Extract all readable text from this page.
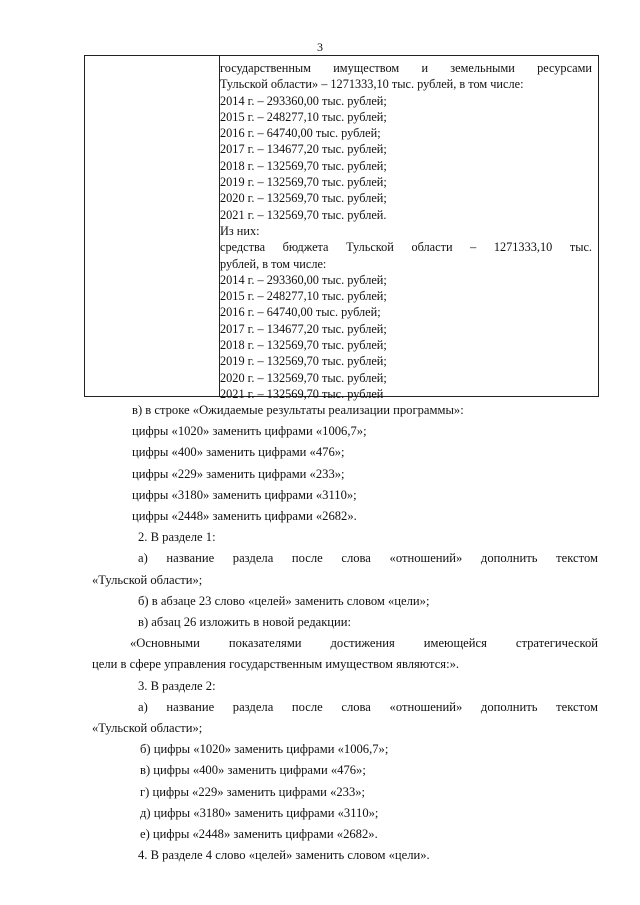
3
государственным имуществом и земельными ресурсами
Тульской области» – 1271333,10 тыс. рублей, в том числе:
2014 г. – 293360,00 тыс. рублей;
2015 г. – 248277,10 тыс. рублей;
2016 г. – 64740,00 тыс. рублей;
2017 г. – 134677,20 тыс. рублей;
2018 г. – 132569,70 тыс. рублей;
2019 г. – 132569,70 тыс. рублей;
2020 г. – 132569,70 тыс. рублей;
2021 г. – 132569,70 тыс. рублей.
Из них:
средства бюджета Тульской области – 1271333,10 тыс.
рублей, в том числе:
2014 г. – 293360,00 тыс. рублей;
2015 г. – 248277,10 тыс. рублей;
2016 г. – 64740,00 тыс. рублей;
2017 г. – 134677,20 тыс. рублей;
2018 г. – 132569,70 тыс. рублей;
2019 г. – 132569,70 тыс. рублей;
2020 г. – 132569,70 тыс. рублей;
2021 г. – 132569,70 тыс. рублей

в) в строке «Ожидаемые результаты реализации программы»:

цифры «1020» заменить цифрами «1006,7»;

цифры «400» заменить цифрами «476»;

цифры «229» заменить цифрами «233»;

цифры «3180» заменить цифрами «3110»;

цифры «2448» заменить цифрами «2682».

2. В разделе 1:

а) название раздела после слова «отношений» дополнить текстом

«Тульской области»;

б) в абзаце 23 слово «целей» заменить словом «цели»;

в) абзац 26 изложить в новой редакции:

«Основными показателями достижения имеющейся стратегической

цели в сфере управления государственным имуществом являются:».

3. В разделе 2:

а) название раздела после слова «отношений» дополнить текстом

«Тульской области»;

б) цифры «1020» заменить цифрами «1006,7»;

в) цифры «400» заменить цифрами «476»;

г) цифры «229» заменить цифрами «233»;

д) цифры «3180» заменить цифрами «3110»;

е) цифры «2448» заменить цифрами «2682».

4. В разделе 4 слово «целей» заменить словом «цели».
